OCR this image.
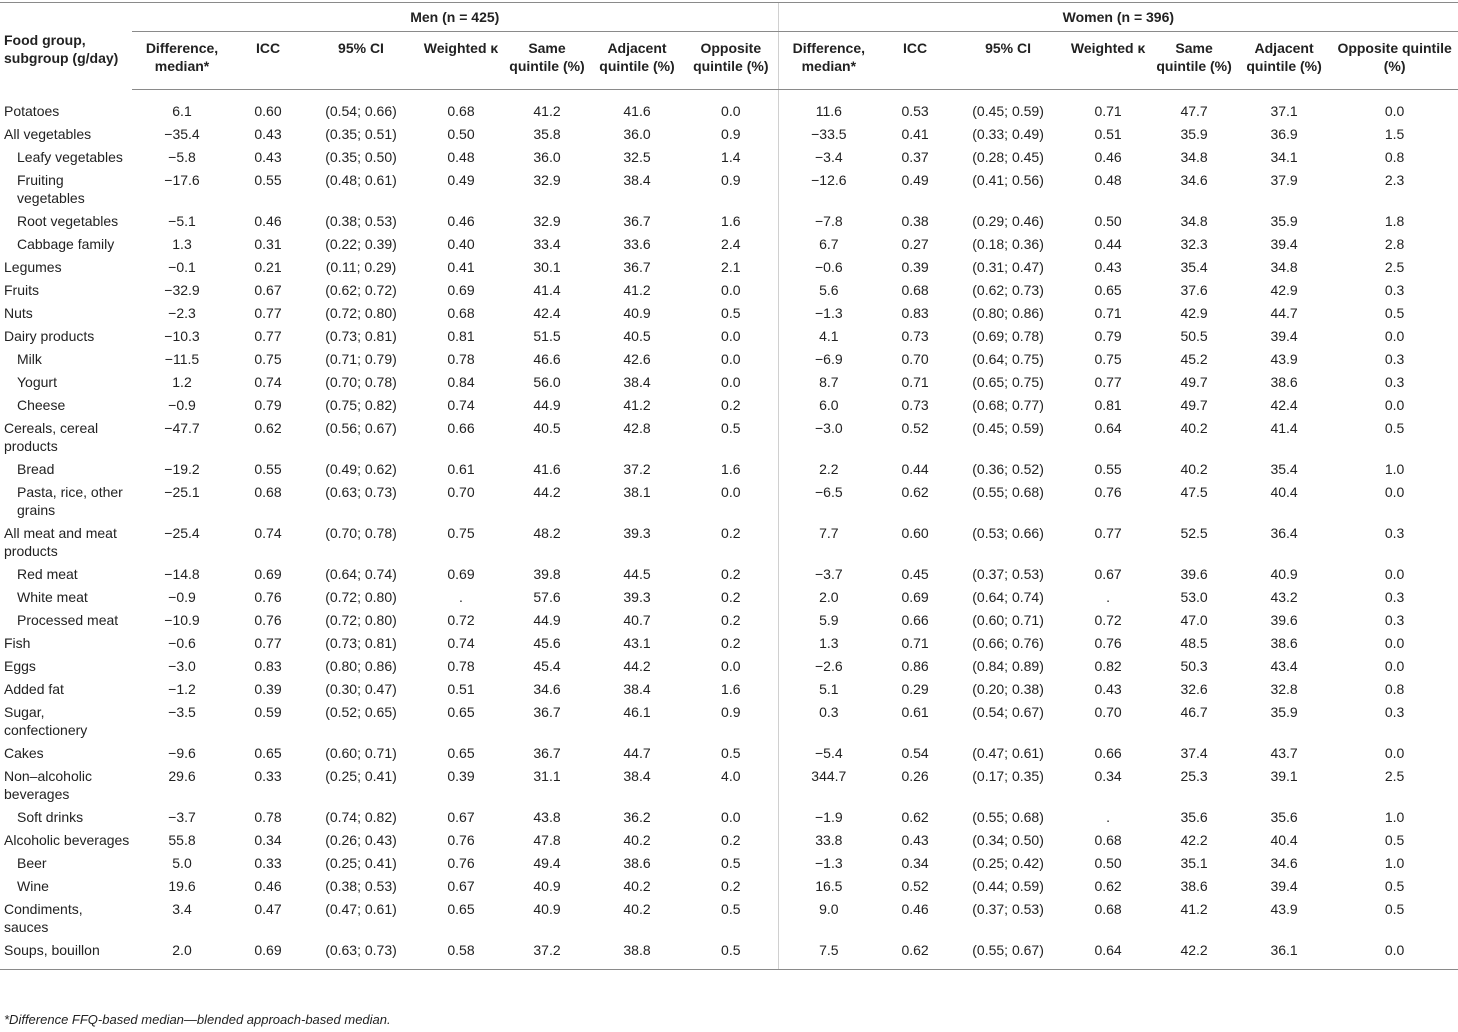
Food group, subgroup (g/day)	Men (n = 425)							Women (n = 396)						
	Difference, median*	ICC	95% CI	Weighted κ	Same quintile (%)	Adjacent quintile (%)	Opposite quintile (%)	Difference, median*	ICC	95% CI	Weighted κ	Same quintile (%)	Adjacent quintile (%)	Opposite quintile (%)
Potatoes	6.1	0.60	(0.54; 0.66)	0.68	41.2	41.6	0.0	11.6	0.53	(0.45; 0.59)	0.71	47.7	37.1	0.0
All vegetables	−35.4	0.43	(0.35; 0.51)	0.50	35.8	36.0	0.9	−33.5	0.41	(0.33; 0.49)	0.51	35.9	36.9	1.5
Leafy vegetables	−5.8	0.43	(0.35; 0.50)	0.48	36.0	32.5	1.4	−3.4	0.37	(0.28; 0.45)	0.46	34.8	34.1	0.8
Fruiting vegetables	−17.6	0.55	(0.48; 0.61)	0.49	32.9	38.4	0.9	−12.6	0.49	(0.41; 0.56)	0.48	34.6	37.9	2.3
Root vegetables	−5.1	0.46	(0.38; 0.53)	0.46	32.9	36.7	1.6	−7.8	0.38	(0.29; 0.46)	0.50	34.8	35.9	1.8
Cabbage family	1.3	0.31	(0.22; 0.39)	0.40	33.4	33.6	2.4	6.7	0.27	(0.18; 0.36)	0.44	32.3	39.4	2.8
Legumes	−0.1	0.21	(0.11; 0.29)	0.41	30.1	36.7	2.1	−0.6	0.39	(0.31; 0.47)	0.43	35.4	34.8	2.5
Fruits	−32.9	0.67	(0.62; 0.72)	0.69	41.4	41.2	0.0	5.6	0.68	(0.62; 0.73)	0.65	37.6	42.9	0.3
Nuts	−2.3	0.77	(0.72; 0.80)	0.68	42.4	40.9	0.5	−1.3	0.83	(0.80; 0.86)	0.71	42.9	44.7	0.5
Dairy products	−10.3	0.77	(0.73; 0.81)	0.81	51.5	40.5	0.0	4.1	0.73	(0.69; 0.78)	0.79	50.5	39.4	0.0
Milk	−11.5	0.75	(0.71; 0.79)	0.78	46.6	42.6	0.0	−6.9	0.70	(0.64; 0.75)	0.75	45.2	43.9	0.3
Yogurt	1.2	0.74	(0.70; 0.78)	0.84	56.0	38.4	0.0	8.7	0.71	(0.65; 0.75)	0.77	49.7	38.6	0.3
Cheese	−0.9	0.79	(0.75; 0.82)	0.74	44.9	41.2	0.2	6.0	0.73	(0.68; 0.77)	0.81	49.7	42.4	0.0
Cereals, cereal products	−47.7	0.62	(0.56; 0.67)	0.66	40.5	42.8	0.5	−3.0	0.52	(0.45; 0.59)	0.64	40.2	41.4	0.5
Bread	−19.2	0.55	(0.49; 0.62)	0.61	41.6	37.2	1.6	2.2	0.44	(0.36; 0.52)	0.55	40.2	35.4	1.0
Pasta, rice, other grains	−25.1	0.68	(0.63; 0.73)	0.70	44.2	38.1	0.0	−6.5	0.62	(0.55; 0.68)	0.76	47.5	40.4	0.0
All meat and meat products	−25.4	0.74	(0.70; 0.78)	0.75	48.2	39.3	0.2	7.7	0.60	(0.53; 0.66)	0.77	52.5	36.4	0.3
Red meat	−14.8	0.69	(0.64; 0.74)	0.69	39.8	44.5	0.2	−3.7	0.45	(0.37; 0.53)	0.67	39.6	40.9	0.0
White meat	−0.9	0.76	(0.72; 0.80)	.	57.6	39.3	0.2	2.0	0.69	(0.64; 0.74)	.	53.0	43.2	0.3
Processed meat	−10.9	0.76	(0.72; 0.80)	0.72	44.9	40.7	0.2	5.9	0.66	(0.60; 0.71)	0.72	47.0	39.6	0.3
Fish	−0.6	0.77	(0.73; 0.81)	0.74	45.6	43.1	0.2	1.3	0.71	(0.66; 0.76)	0.76	48.5	38.6	0.0
Eggs	−3.0	0.83	(0.80; 0.86)	0.78	45.4	44.2	0.0	−2.6	0.86	(0.84; 0.89)	0.82	50.3	43.4	0.0
Added fat	−1.2	0.39	(0.30; 0.47)	0.51	34.6	38.4	1.6	5.1	0.29	(0.20; 0.38)	0.43	32.6	32.8	0.8
Sugar, confectionery	−3.5	0.59	(0.52; 0.65)	0.65	36.7	46.1	0.9	0.3	0.61	(0.54; 0.67)	0.70	46.7	35.9	0.3
Cakes	−9.6	0.65	(0.60; 0.71)	0.65	36.7	44.7	0.5	−5.4	0.54	(0.47; 0.61)	0.66	37.4	43.7	0.0
Non–alcoholic beverages	29.6	0.33	(0.25; 0.41)	0.39	31.1	38.4	4.0	344.7	0.26	(0.17; 0.35)	0.34	25.3	39.1	2.5
Soft drinks	−3.7	0.78	(0.74; 0.82)	0.67	43.8	36.2	0.0	−1.9	0.62	(0.55; 0.68)	.	35.6	35.6	1.0
Alcoholic beverages	55.8	0.34	(0.26; 0.43)	0.76	47.8	40.2	0.2	33.8	0.43	(0.34; 0.50)	0.68	42.2	40.4	0.5
Beer	5.0	0.33	(0.25; 0.41)	0.76	49.4	38.6	0.5	−1.3	0.34	(0.25; 0.42)	0.50	35.1	34.6	1.0
Wine	19.6	0.46	(0.38; 0.53)	0.67	40.9	40.2	0.2	16.5	0.52	(0.44; 0.59)	0.62	38.6	39.4	0.5
Condiments, sauces	3.4	0.47	(0.47; 0.61)	0.65	40.9	40.2	0.5	9.0	0.46	(0.37; 0.53)	0.68	41.2	43.9	0.5
Soups, bouillon	2.0	0.69	(0.63; 0.73)	0.58	37.2	38.8	0.5	7.5	0.62	(0.55; 0.67)	0.64	42.2	36.1	0.0
*Difference FFQ-based median—blended approach-based median.
